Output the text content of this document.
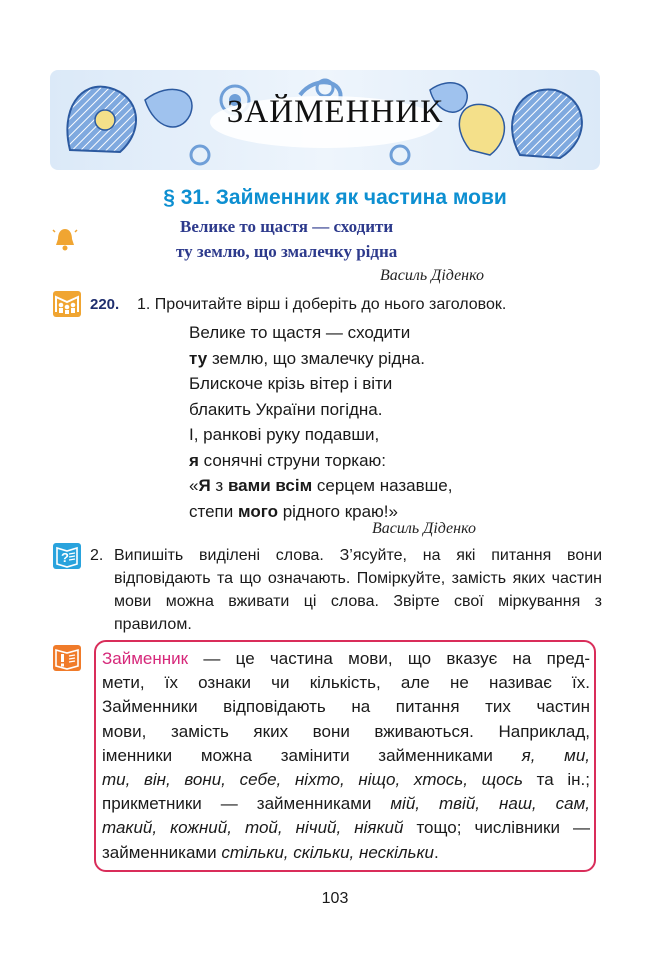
ЗАЙМЕННИК
§ 31. Займенник як частина мови
Велике то щастя — сходити
ту землю, що змалечку рідна
Василь Діденко
220. 1. Прочитайте вірш і доберіть до нього заголовок.
Велике то щастя — сходити
ту землю, що змалечку рідна.
Блискоче крізь вітер і віти
блакить України погідна.
І, ранкові руку подавши,
я сонячні струни торкаю:
«Я з вами всім серцем назавше,
степи мого рідного краю!»
Василь Діденко
? 2. Випишіть виділені слова. З’ясуйте, на які питання вони відповідають та що означають. Поміркуйте, замість яких частин мови можна вживати ці слова. Звірте свої міркування з правилом.
Займенник — це частина мови, що вказує на пред-
мети, їх ознаки чи кількість, але не називає їх.
Займенники відповідають на питання тих частин
мови, замість яких вони вживаються. Наприклад,
іменники можна замінити займенниками я, ми,
ти, він, вони, себе, ніхто, ніщо, хтось, щось та ін.;
прикметники — займенниками мій, твій, наш, сам,
такий, кожний, той, нічий, ніякий тощо; числівники —
займенниками стільки, скільки, нескільки.
103
